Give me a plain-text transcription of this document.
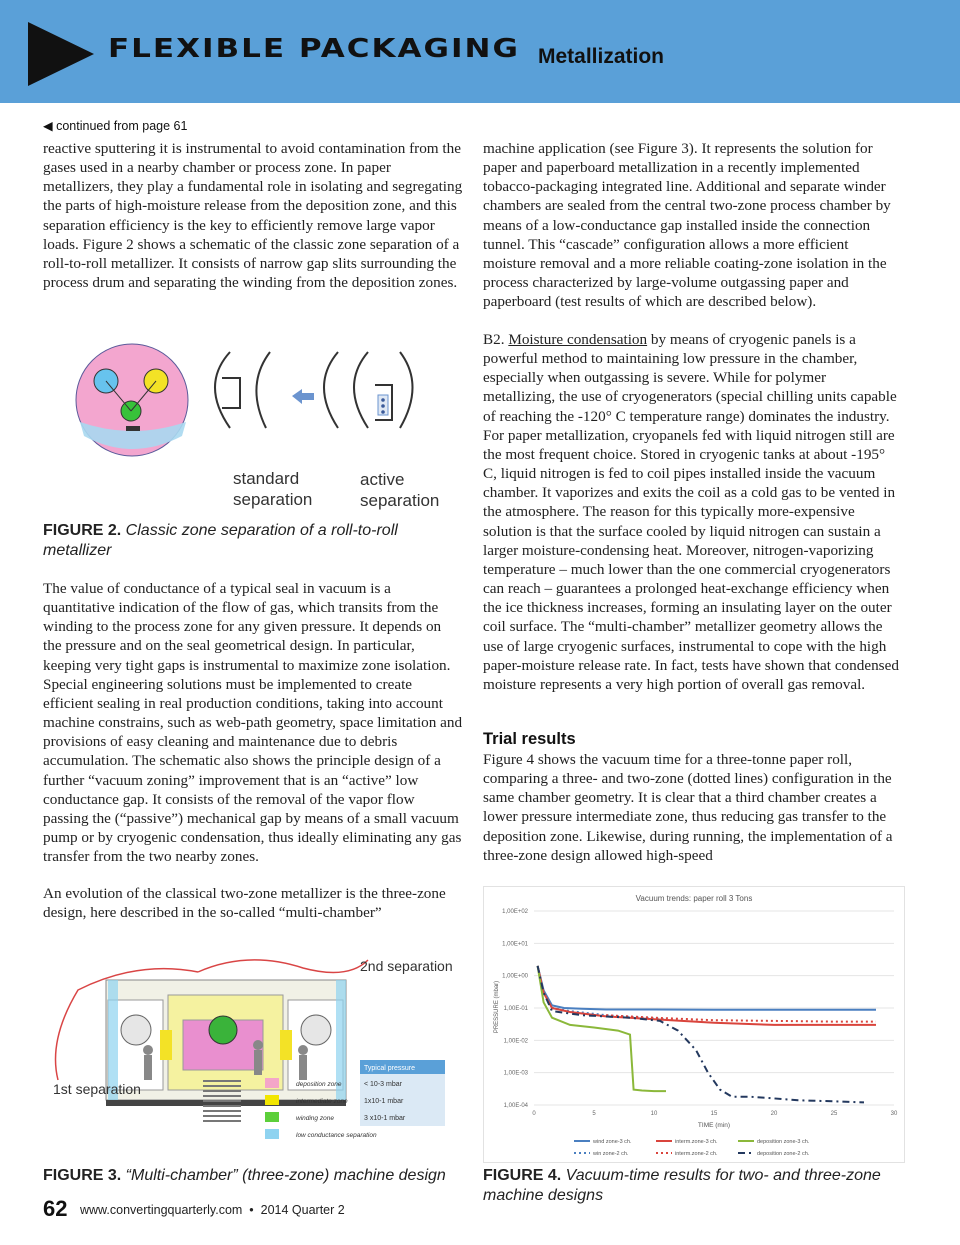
FLEXIBLE PACKAGING Metallization
◀ continued from page 61

reactive sputtering it is instrumental to avoid contamination from the gases used in a nearby chamber or process zone. In paper metallizers, they play a fundamental role in isolating and segregating the parts of high-moisture release from the deposition zone, and this separation efficiency is the key to efficiently remove large vapor loads. Figure 2 shows a schematic of the classic zone separation of a roll-to-roll metallizer. It consists of narrow gap slits surrounding the process drum and separating the winding from the deposition zones.

standard
separation
active
separation
FIGURE 2. Classic zone separation of a roll-to-roll metallizer

The value of conductance of a typical seal in vacuum is a quantitative indication of the flow of gas, which transits from the winding to the process zone for any given pressure. It depends on the pressure and on the seal geometrical design. In particular, keeping very tight gaps is instrumental to maximize zone isolation. Special engineering solutions must be implemented to create efficient sealing in real production conditions, taking into account machine constrains, such as web-path geometry, space limitation and provisions of easy cleaning and maintenance due to debris accumulation. The schematic also shows the principle design of a further “vacuum zoning” improvement that is an “active” low conductance gap. It consists of the removal of the vapor flow passing the (“passive”) mechanical gap by means of a small vacuum pump or by cryogenic condensation, thus ideally eliminating any gas transfer from the two nearby zones.

An evolution of the classical two-zone metallizer is the three-zone design, here described in the so-called “multi-chamber”

2nd separation
1st separation
Typical pressure
deposition zone
intermediate zone
winding zone
low conductance separation
< 10-3 mbar
1x10-1 mbar
3 x10-1 mbar
FIGURE 3. “Multi-chamber” (three-zone) machine design

machine application (see Figure 3). It represents the solution for paper and paperboard metallization in a recently implemented tobacco-packaging integrated line. Additional and separate winder chambers are sealed from the central two-zone process chamber by means of a low-conductance gap installed inside the connection tunnel. This “cascade” configuration allows a more efficient moisture removal and a more reliable coating-zone isolation in the process characterized by large-volume outgassing paper and paperboard (test results of which are described below).

B2. Moisture condensation by means of cryogenic panels is a powerful method to maintaining low pressure in the chamber, especially when outgassing is severe. While for polymer metallizing, the use of cryogenerators (special chilling units capable of reaching the -120° C temperature range) dominates the industry. For paper metallization, cryopanels fed with liquid nitrogen still are the most frequent choice. Stored in cryogenic tanks at about -195° C, liquid nitrogen is fed to coil pipes installed inside the vacuum chamber. It vaporizes and exits the coil as a cold gas to be vented in the atmosphere. The reason for this typically more-expensive solution is that the surface cooled by liquid nitrogen can sustain a larger moisture-condensing heat. Moreover, nitrogen-vaporizing temperature – much lower than the one commercial cryogenerators can reach – guarantees a prolonged heat-exchange efficiency when the ice thickness increases, forming an insulating layer on the outer coil surface. The “multi-chamber” metallizer geometry allows the use of large cryogenic surfaces, instrumental to cope with the high paper-moisture release rate. In fact, tests have shown that condensed moisture represents a very high portion of overall gas removal.

Trial results

Figure 4 shows the vacuum time for a three-tonne paper roll, comparing a three- and two-zone (dotted lines) configuration in the same chamber geometry. It is clear that a third chamber creates a lower pressure intermediate zone, thus reducing gas transfer to the deposition zone. Likewise, during running, the implementation of a three-zone design allowed high-speed

Vacuum trends: paper roll 3 Tons
1,00E-04
1,00E-03
1,00E-02
1,00E-01
1,00E+00
1,00E+01
1,00E+02
0	5	10	15	20	25	30
PRESSURE (mbar)
TIME (min)
wind zone-3 ch.	interm.zone-3 ch.	deposition zone-3 ch.
win zone-2 ch.	interm.zone-2 ch.	deposition zone-2 ch.
FIGURE 4. Vacuum-time results for two- and three-zone machine designs
62 www.convertingquarterly.com • 2014 Quarter 2
